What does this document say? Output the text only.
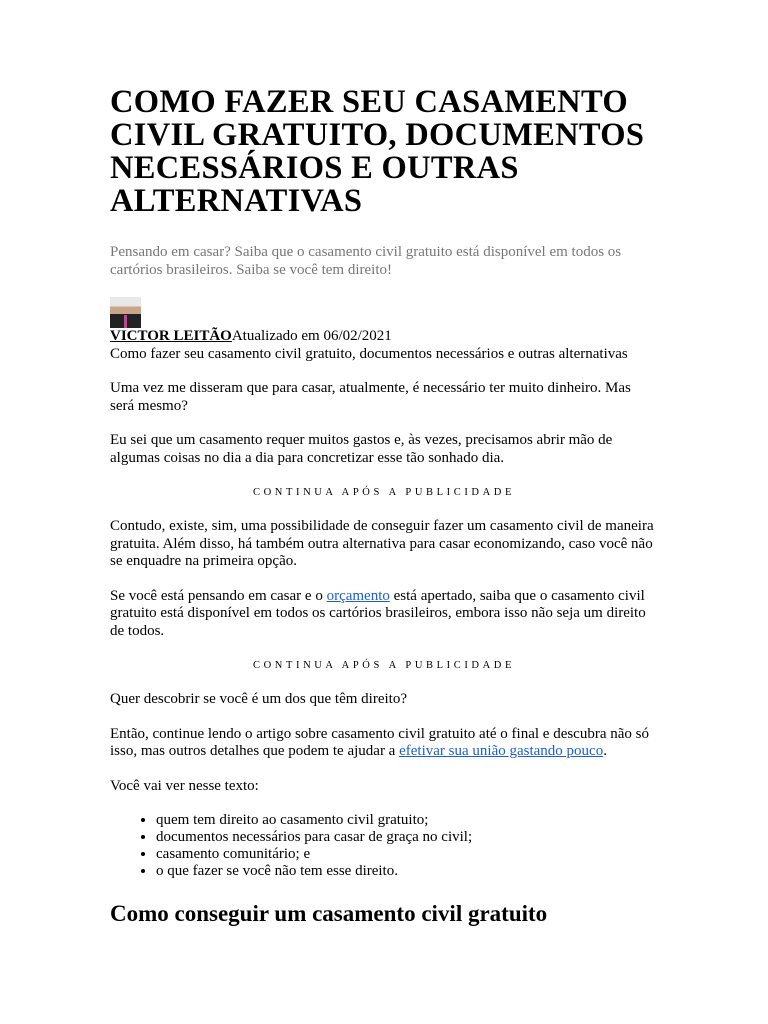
COMO FAZER SEU CASAMENTO CIVIL GRATUITO, DOCUMENTOS NECESSÁRIOS E OUTRAS ALTERNATIVAS
Pensando em casar? Saiba que o casamento civil gratuito está disponível em todos os cartórios brasileiros. Saiba se você tem direito!

VICTOR LEITÃOAtualizado em 06/02/2021

Como fazer seu casamento civil gratuito, documentos necessários e outras alternativas

Uma vez me disseram que para casar, atualmente, é necessário ter muito dinheiro. Mas será mesmo?

Eu sei que um casamento requer muitos gastos e, às vezes, precisamos abrir mão de algumas coisas no dia a dia para concretizar esse tão sonhado dia.

CONTINUA APÓS A PUBLICIDADE

Contudo, existe, sim, uma possibilidade de conseguir fazer um casamento civil de maneira gratuita. Além disso, há também outra alternativa para casar economizando, caso você não se enquadre na primeira opção.

Se você está pensando em casar e o orçamento está apertado, saiba que o casamento civil gratuito está disponível em todos os cartórios brasileiros, embora isso não seja um direito de todos.

CONTINUA APÓS A PUBLICIDADE

Quer descobrir se você é um dos que têm direito?

Então, continue lendo o artigo sobre casamento civil gratuito até o final e descubra não só isso, mas outros detalhes que podem te ajudar a efetivar sua união gastando pouco.

Você vai ver nesse texto:

• quem tem direito ao casamento civil gratuito;
• documentos necessários para casar de graça no civil;
• casamento comunitário; e
• o que fazer se você não tem esse direito.
Como conseguir um casamento civil gratuito
